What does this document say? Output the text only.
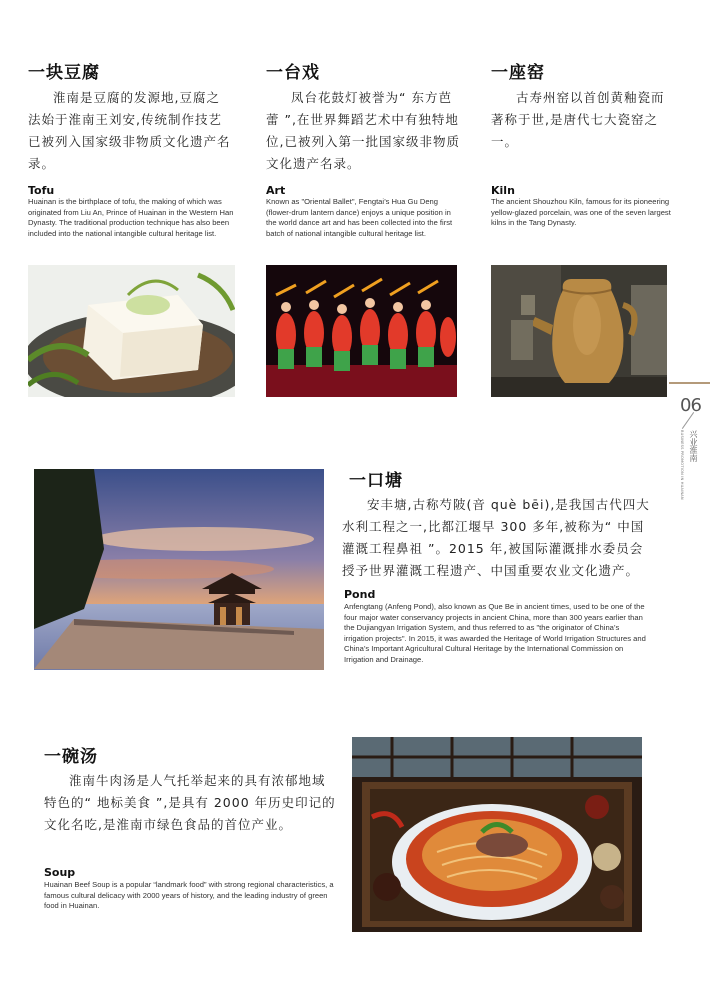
一块豆腐

淮南是豆腐的发源地,豆腐之法始于淮南王刘安,传统制作技艺已被列入国家级非物质文化遗产名录。

Tofu

Huainan is the birthplace of tofu, the making of which was originated from Liu An, Prince of Huainan in the Western Han Dynasty. The traditional production technique has also been included into the national intangible cultural heritage list.

一台戏

凤台花鼓灯被誉为“ 东方芭蕾 ”,在世界舞蹈艺术中有独特地位,已被列入第一批国家级非物质文化遗产名录。

Art

Known as "Oriental Ballet", Fengtai’s Hua Gu Deng (flower-drum lantern dance) enjoys a unique position in the world dance art and has been collected into the first batch of national intangible cultural heritage list.

一座窑

古寿州窑以首创黄釉瓷而著称于世,是唐代七大瓷窑之一。

Kiln

The ancient Shouzhou Kiln, famous for its pioneering yellow-glazed porcelain, was one of the seven largest kilns in the Tang Dynasty.

06
兴业淮南
BUSINESS PROMOTION IN HUAINAN
一口塘

安丰塘,古称芍陂(音 què bēi),是我国古代四大水利工程之一,比都江堰早 300 多年,被称为“ 中国灌溉工程鼻祖 ”。2015 年,被国际灌溉排水委员会授予世界灌溉工程遗产、中国重要农业文化遗产。

Pond

Anfengtang (Anfeng Pond), also known as Que Be in ancient times, used to be one of the four major water conservancy projects in ancient China, more than 300 years earlier than the Dujiangyan Irrigation System, and thus referred to as "the originator of China’s irrigation projects". In 2015, it was awarded the Heritage of World Irrigation Structures and China’s Important Agricultural Cultural Heritage by the International Commission on Irrigation and Drainage.

一碗汤

淮南牛肉汤是人气托举起来的具有浓郁地域特色的“ 地标美食 ”,是具有 2000 年历史印记的文化名吃,是淮南市绿色食品的首位产业。

Soup

Huainan Beef Soup is a popular “landmark food” with strong regional characteristics, a famous cultural delicacy with 2000 years of history, and the leading industry of green food in Huainan.
